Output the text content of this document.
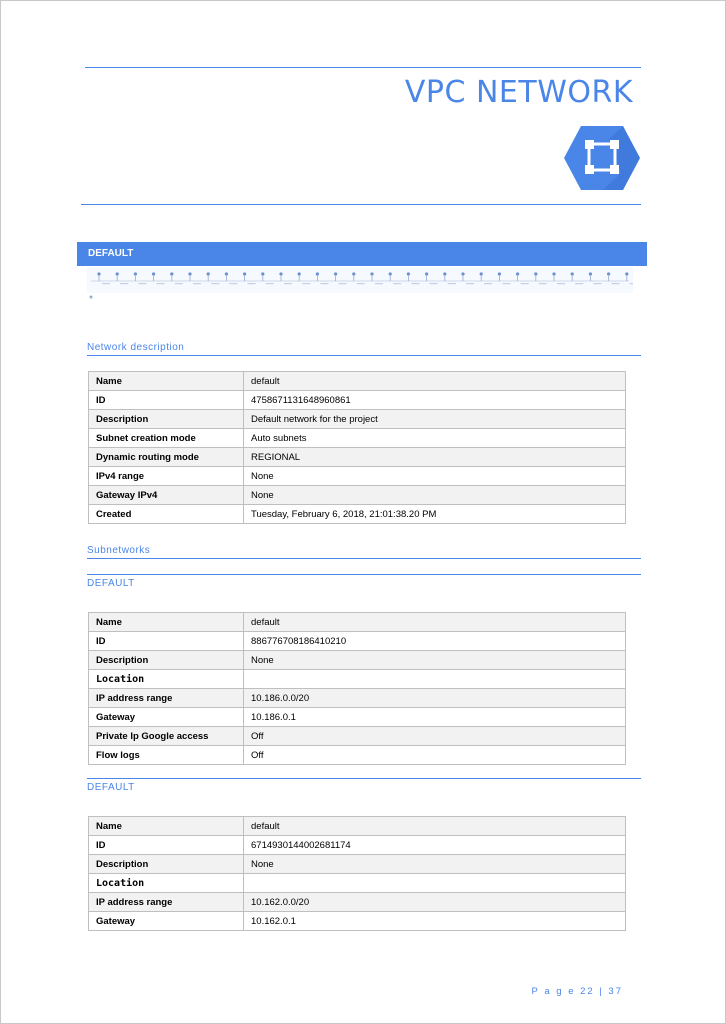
VPC NETWORK
DEFAULT
Network description
Name	default
ID	4758671131648960861
Description	Default network for the project
Subnet creation mode	Auto subnets
Dynamic routing mode	REGIONAL
IPv4 range	None
Gateway IPv4	None
Created	Tuesday, February 6, 2018, 21:01:38.20 PM
Subnetworks
DEFAULT
Name	default
ID	886776708186410210
Description	None
Location	
IP address range	10.186.0.0/20
Gateway	10.186.0.1
Private Ip Google access	Off
Flow logs	Off
DEFAULT
Name	default
ID	6714930144002681174
Description	None
Location	
IP address range	10.162.0.0/20
Gateway	10.162.0.1
P a g e 22 | 37
